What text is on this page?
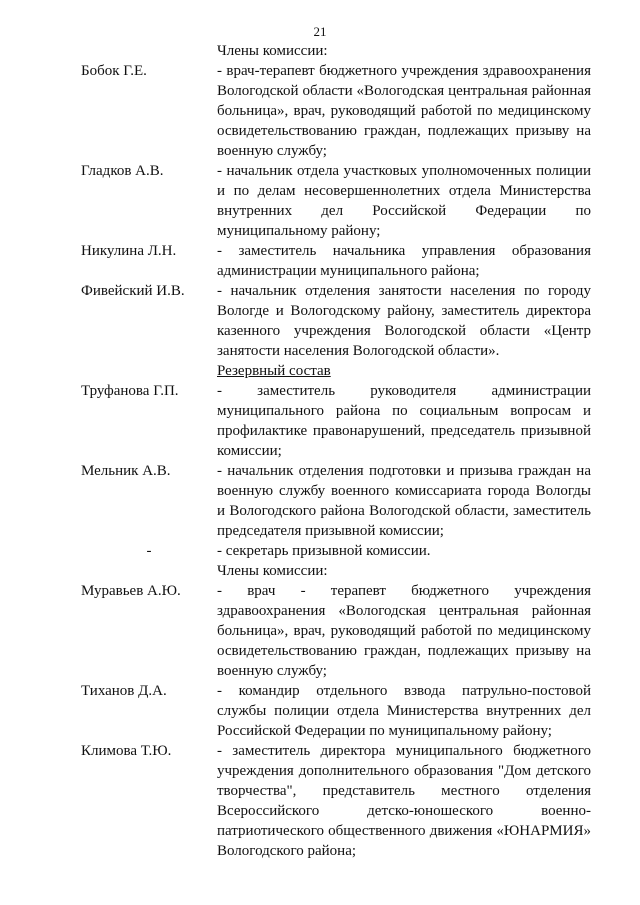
21
Члены комиссии:
Бобок Г.Е.	- врач-терапевт бюджетного учреждения здравоохранения Вологодской области «Вологодская центральная районная больница», врач, руководящий работой по медицинскому освидетельствованию граждан, подлежащих призыву на военную службу;
Гладков А.В.	- начальник отдела участковых уполномоченных полиции и по делам несовершеннолетних отдела Министерства внутренних дел Российской Федерации по муниципальному району;
Никулина Л.Н.	- заместитель начальника управления образования администрации муниципального района;
Фивейский И.В.	- начальник отделения занятости населения по городу Вологде и Вологодскому району, заместитель директора казенного учреждения Вологодской области «Центр занятости населения Вологодской области».
Резервный состав
Труфанова Г.П.	- заместитель руководителя администрации муниципального района по социальным вопросам и профилактике правонарушений, председатель призывной комиссии;
Мельник А.В.	- начальник отделения подготовки и призыва граждан на военную службу военного комиссариата города Вологды и Вологодского района Вологодской области, заместитель председателя призывной комиссии;
-	- секретарь призывной комиссии.
Члены комиссии:
Муравьев А.Ю.	- врач - терапевт бюджетного учреждения здравоохранения «Вологодская центральная районная больница», врач, руководящий работой по медицинскому освидетельствованию граждан, подлежащих призыву на военную службу;
Тиханов Д.А.	- командир отдельного взвода патрульно-постовой службы полиции отдела Министерства внутренних дел Российской Федерации по муниципальному району;
Климова Т.Ю.	- заместитель директора муниципального бюджетного учреждения дополнительного образования "Дом детского творчества", представитель местного отделения Всероссийского детско-юношеского военно-патриотического общественного движения «ЮНАРМИЯ» Вологодского района;
